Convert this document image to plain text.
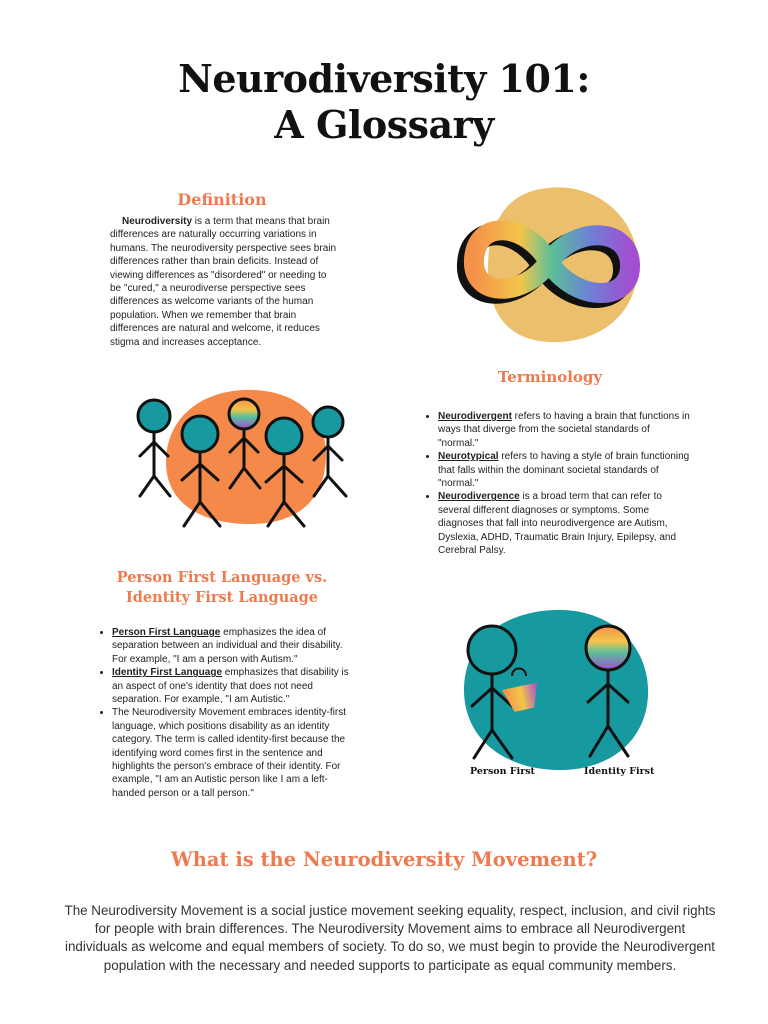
Neurodiversity 101:
A Glossary
Definition
Neurodiversity is a term that means that brain differences are naturally occurring variations in humans. The neurodiversity perspective sees brain differences rather than brain deficits. Instead of viewing differences as "disordered" or needing to be "cured," a neurodiverse perspective sees differences as welcome variants of the human population. When we remember that brain differences are natural and welcome, it reduces stigma and increases acceptance.
Terminology
• Neurodivergent refers to having a brain that functions in ways that diverge from the societal standards of "normal."
• Neurotypical refers to having a style of brain functioning that falls within the dominant societal standards of "normal."
• Neurodivergence is a broad term that can refer to several different diagnoses or symptoms. Some diagnoses that fall into neurodivergence are Autism, Dyslexia, ADHD, Traumatic Brain Injury, Epilepsy, and Cerebral Palsy.
Person First Language vs.
Identity First Language
• Person First Language emphasizes the idea of separation between an individual and their disability. For example, "I am a person with Autism."
• Identity First Language emphasizes that disability is an aspect of one's identity that does not need separation. For example, "I am Autistic."
• The Neurodiversity Movement embraces identity-first language, which positions disability as an identity category. The term is called identity-first because the identifying word comes first in the sentence and highlights the person's embrace of their identity. For example, "I am an Autistic person like I am a left-handed person or a tall person."
Person First	Identity First
What is the Neurodiversity Movement?
The Neurodiversity Movement is a social justice movement seeking equality, respect, inclusion, and civil rights for people with brain differences. The Neurodiversity Movement aims to embrace all Neurodivergent individuals as welcome and equal members of society. To do so, we must begin to provide the Neurodivergent population with the necessary and needed supports to participate as equal community members.
